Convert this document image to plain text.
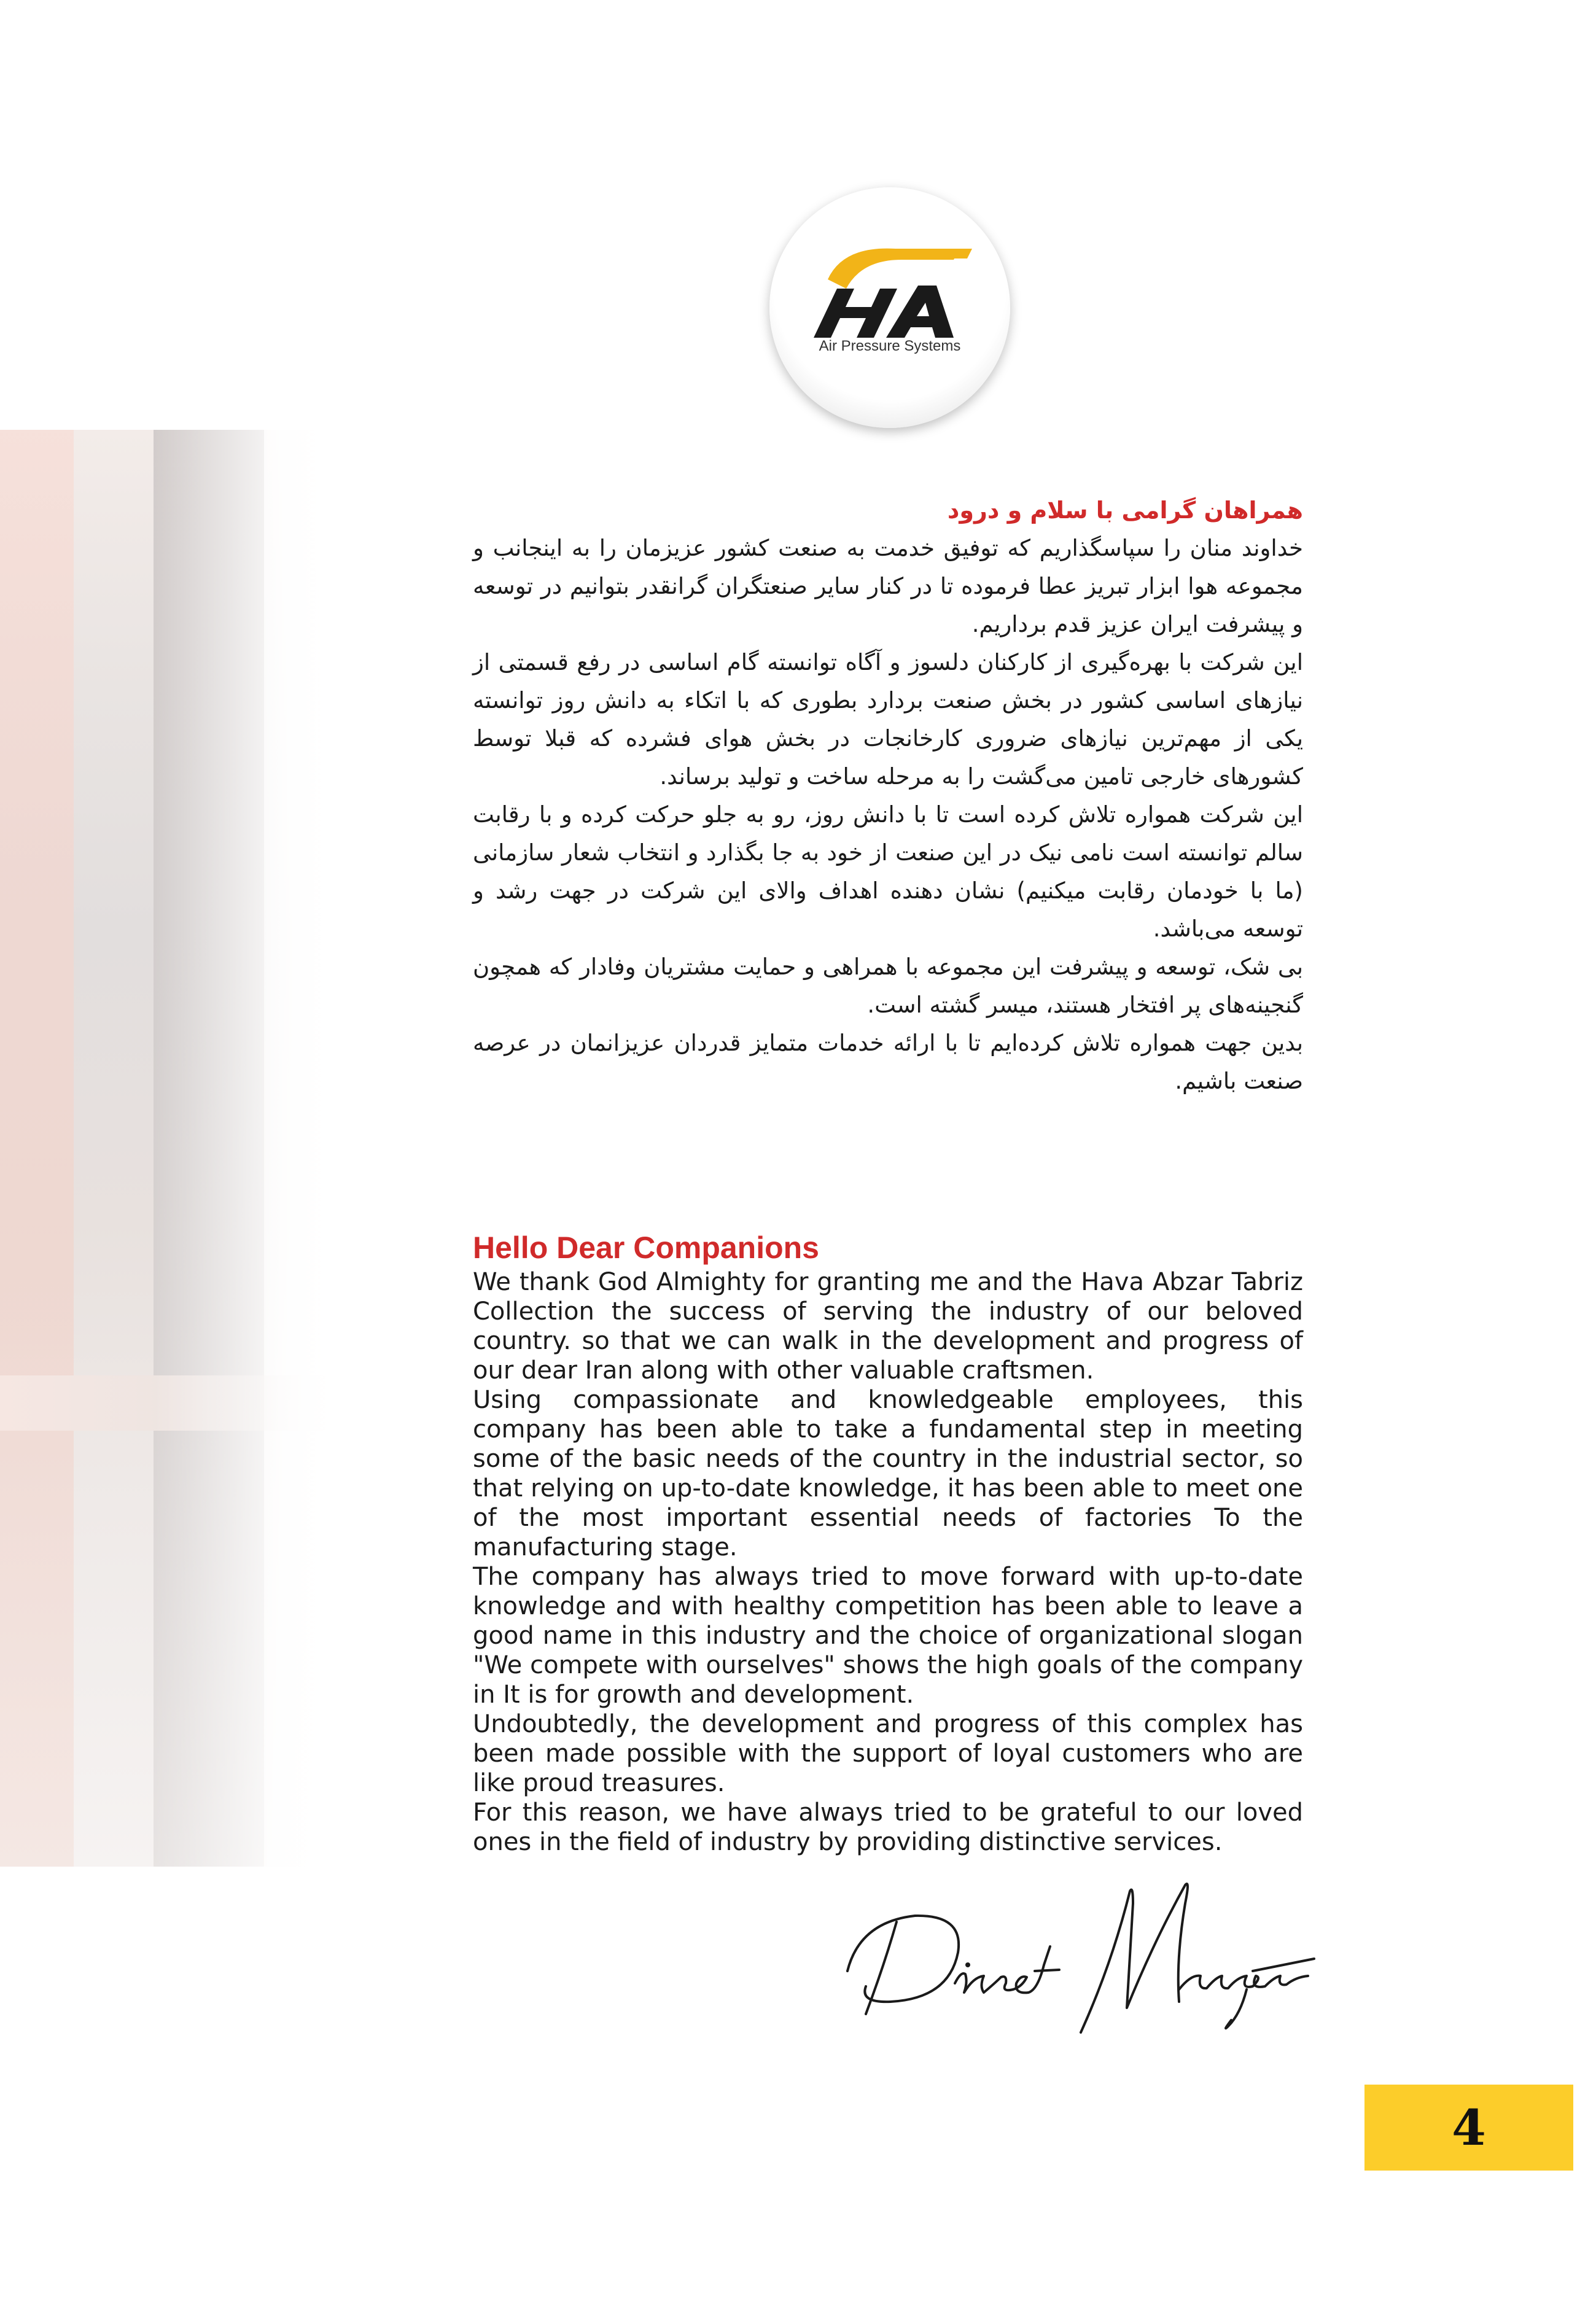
Air Pressure Systems
همراهان گرامی با سلام و درود

خداوند منان را سپاسگذاریم که توفیق خدمت به صنعت کشور عزیزمان را به اینجانب و مجموعه هوا ابزار تبریز عطا فرموده تا در کنار سایر صنعتگران گرانقدر بتوانیم در توسعه و پیشرفت ایران عزیز قدم برداریم.

این شرکت با بهره‌گیری از کارکنان دلسوز و آگاه توانسته گام اساسی در رفع قسمتی از نیازهای اساسی کشور در بخش صنعت بردارد بطوری که با اتکاء به دانش روز توانسته یکی از مهم‌ترین نیازهای ضروری کارخانجات در بخش هوای فشرده که قبلا توسط کشورهای خارجی تامین می‌گشت را به مرحله ساخت و تولید برساند.

این شرکت همواره تلاش کرده است تا با دانش روز، رو به جلو حرکت کرده و با رقابت سالم توانسته است نامی نیک در این صنعت از خود به جا بگذارد و انتخاب شعار سازمانی (ما با خودمان رقابت میکنیم) نشان دهنده اهداف والای این شرکت در جهت رشد و توسعه می‌باشد.

بی شک، توسعه و پیشرفت این مجموعه با همراهی و حمایت مشتریان وفادار که همچون گنجینه‌های پر افتخار هستند، میسر گشته است.

بدین جهت همواره تلاش کرده‌ایم تا با ارائه خدمات متمایز قدردان عزیزانمان در عرصه صنعت باشیم.

Hello Dear Companions

We thank God Almighty for granting me and the Hava Abzar Tabriz Collection the success of serving the industry of our beloved country. so that we can walk in the development and progress of our dear Iran along with other valuable craftsmen.

Using compassionate and knowledgeable employees, this company has been able to take a fundamental step in meeting some of the basic needs of the country in the industrial sector, so that relying on up-to-date knowledge, it has been able to meet one of the most important essential needs of factories To the manufacturing stage.

The company has always tried to move forward with up-to-date knowledge and with healthy competition has been able to leave a good name in this industry and the choice of organizational slogan "We compete with ourselves" shows the high goals of the company in It is for growth and development.

Undoubtedly, the development and progress of this complex has been made possible with the support of loyal customers who are like proud treasures.

For this reason, we have always tried to be grateful to our loved ones in the field of industry by providing distinctive services.

4
